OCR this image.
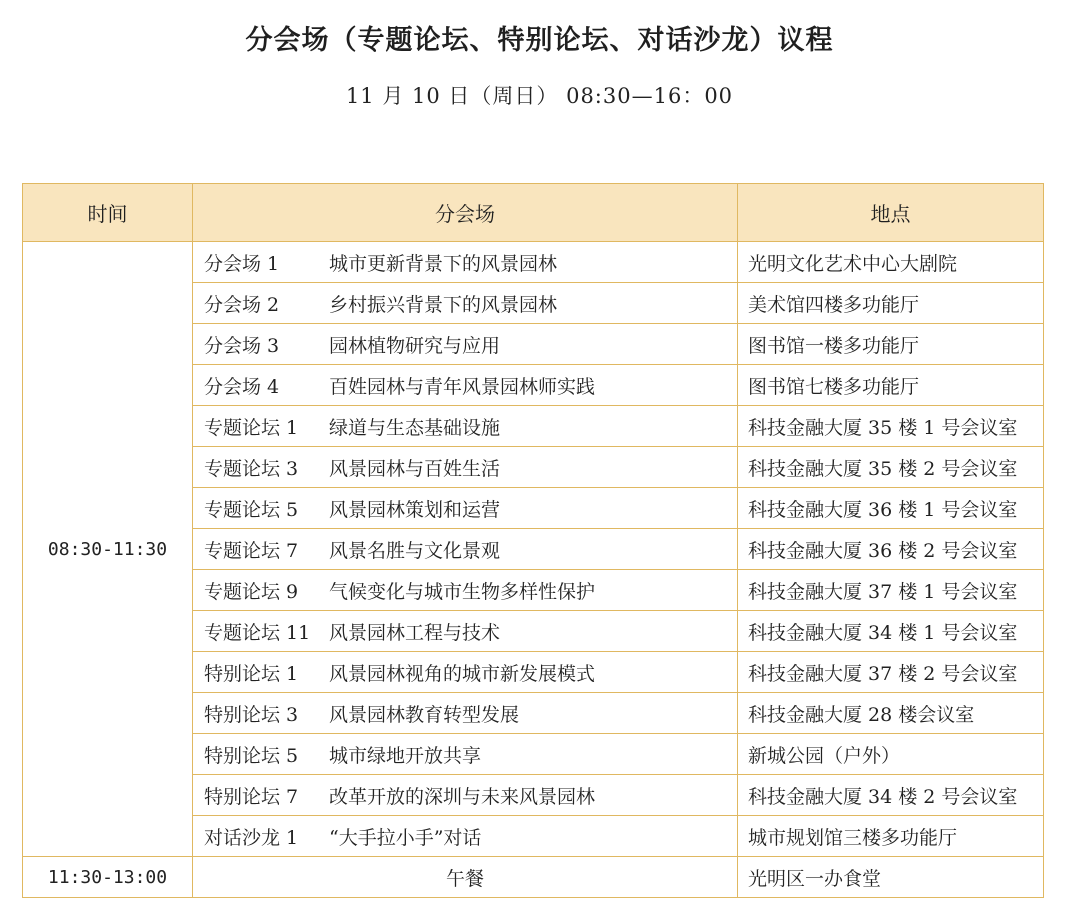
分会场（专题论坛、特别论坛、对话沙龙）议程
11 月 10 日（周日） 08:30—16：00
时间	分会场	地点
08:30-11:30	分会场 1 城市更新背景下的风景园林	光明文化艺术中心大剧院
	分会场 2 乡村振兴背景下的风景园林	美术馆四楼多功能厅
	分会场 3 园林植物研究与应用	图书馆一楼多功能厅
	分会场 4 百姓园林与青年风景园林师实践	图书馆七楼多功能厅
	专题论坛 1 绿道与生态基础设施	科技金融大厦 35 楼 1 号会议室
	专题论坛 3 风景园林与百姓生活	科技金融大厦 35 楼 2 号会议室
	专题论坛 5 风景园林策划和运营	科技金融大厦 36 楼 1 号会议室
	专题论坛 7 风景名胜与文化景观	科技金融大厦 36 楼 2 号会议室
	专题论坛 9 气候变化与城市生物多样性保护	科技金融大厦 37 楼 1 号会议室
	专题论坛 11 风景园林工程与技术	科技金融大厦 34 楼 1 号会议室
	特别论坛 1 风景园林视角的城市新发展模式	科技金融大厦 37 楼 2 号会议室
	特别论坛 3 风景园林教育转型发展	科技金融大厦 28 楼会议室
	特别论坛 5 城市绿地开放共享	新城公园（户外）
	特别论坛 7 改革开放的深圳与未来风景园林	科技金融大厦 34 楼 2 号会议室
	对话沙龙 1 “大手拉小手”对话	城市规划馆三楼多功能厅
11:30-13:00	午餐	光明区一办食堂
